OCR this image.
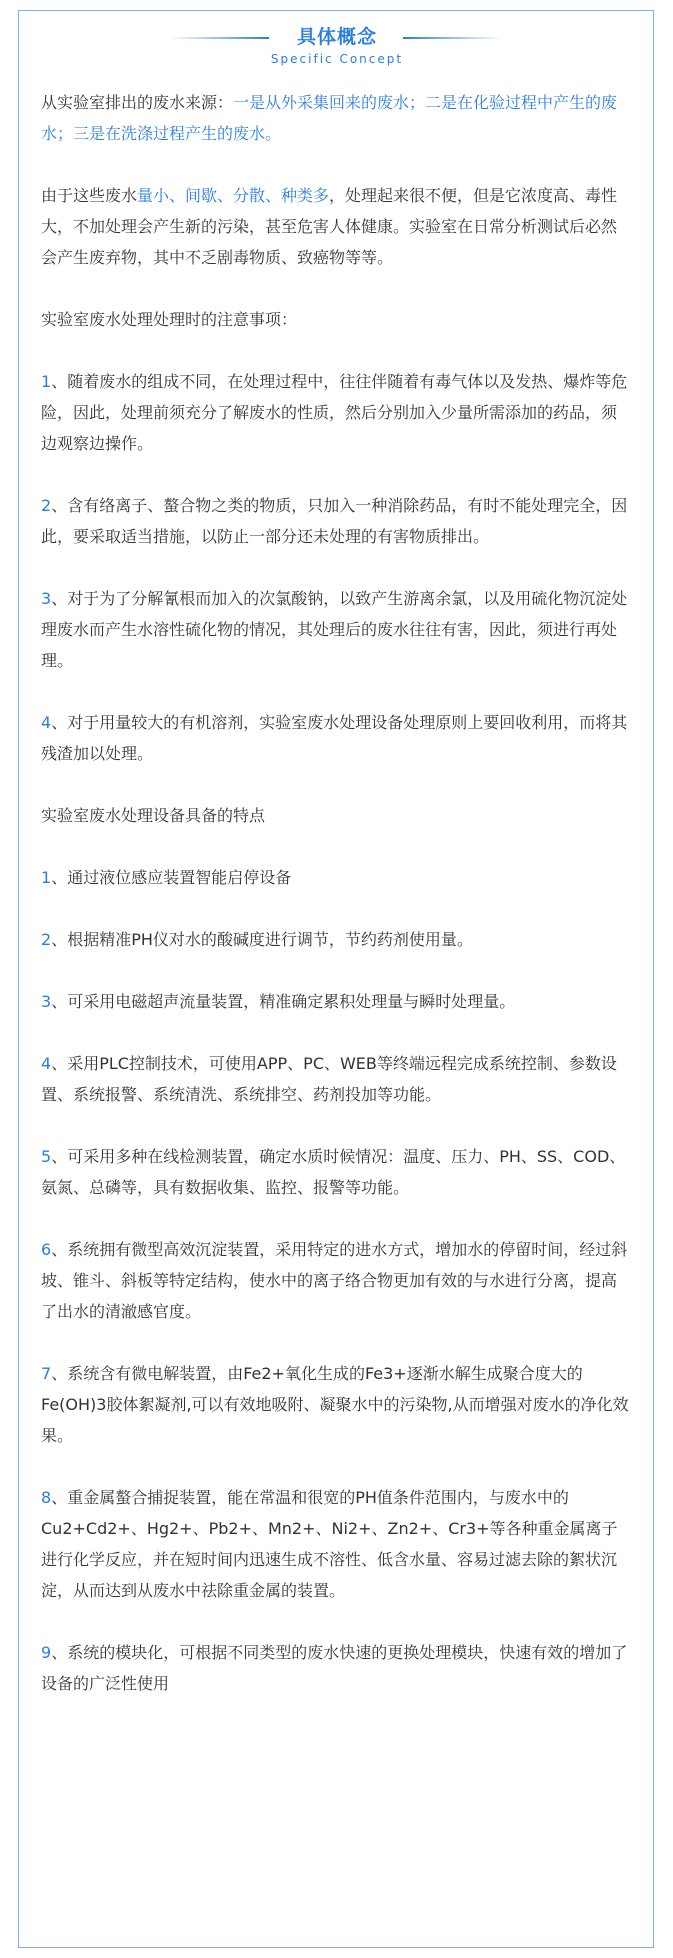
具体概念
Specific Concept

从实验室排出的废水来源：一是从外采集回来的废水；二是在化验过程中产生的废水；三是在洗涤过程产生的废水。

由于这些废水量小、间歇、分散、种类多，处理起来很不便，但是它浓度高、毒性大，不加处理会产生新的污染，甚至危害人体健康。实验室在日常分析测试后必然会产生废弃物，其中不乏剧毒物质、致癌物等等。

实验室废水处理处理时的注意事项：

1、随着废水的组成不同，在处理过程中，往往伴随着有毒气体以及发热、爆炸等危险，因此，处理前须充分了解废水的性质，然后分别加入少量所需添加的药品，须边观察边操作。

2、含有络离子、螯合物之类的物质，只加入一种消除药品，有时不能处理完全，因此，要采取适当措施，以防止一部分还未处理的有害物质排出。

3、对于为了分解氰根而加入的次氯酸钠，以致产生游离余氯，以及用硫化物沉淀处理废水而产生水溶性硫化物的情况，其处理后的废水往往有害，因此，须进行再处理。

4、对于用量较大的有机溶剂，实验室废水处理设备处理原则上要回收利用，而将其残渣加以处理。

实验室废水处理设备具备的特点

1、通过液位感应装置智能启停设备

2、根据精准PH仪对水的酸碱度进行调节，节约药剂使用量。

3、可采用电磁超声流量装置，精准确定累积处理量与瞬时处理量。

4、采用PLC控制技术，可使用APP、PC、WEB等终端远程完成系统控制、参数设置、系统报警、系统清洗、系统排空、药剂投加等功能。

5、可采用多种在线检测装置，确定水质时候情况：温度、压力、PH、SS、COD、氨氮、总磷等，具有数据收集、监控、报警等功能。

6、系统拥有微型高效沉淀装置，采用特定的进水方式，增加水的停留时间，经过斜坡、锥斗、斜板等特定结构，使水中的离子络合物更加有效的与水进行分离，提高了出水的清澈感官度。

7、系统含有微电解装置，由Fe2+氧化生成的Fe3+逐渐水解生成聚合度大的Fe(OH)3胶体絮凝剂,可以有效地吸附、凝聚水中的污染物,从而增强对废水的净化效果。

8、重金属螯合捕捉装置，能在常温和很宽的PH值条件范围内，与废水中的Cu2+Cd2+、Hg2+、Pb2+、Mn2+、Ni2+、Zn2+、Cr3+等各种重金属离子进行化学反应，并在短时间内迅速生成不溶性、低含水量、容易过滤去除的絮状沉淀，从而达到从废水中祛除重金属的装置。

9、系统的模块化，可根据不同类型的废水快速的更换处理模块，快速有效的增加了设备的广泛性使用
